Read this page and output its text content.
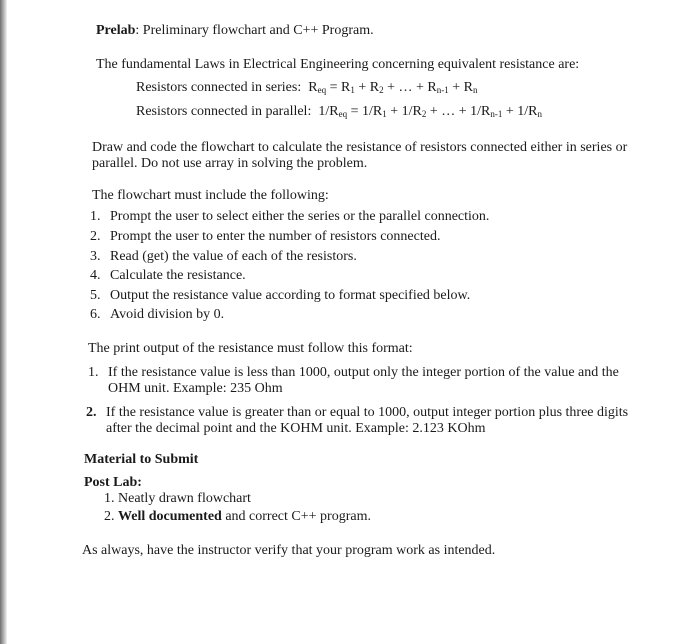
Prelab: Preliminary flowchart and C++ Program.
The fundamental Laws in Electrical Engineering concerning equivalent resistance are:
Resistors connected in series: $R_{eq} = R_1 + R_2$ + … + $R_{n-1} + R_n$
Resistors connected in parallel: $1/R_{eq} = 1/R_1 + 1/R_2$ + … + $1/R_{n-1} + 1/R_n$
Draw and code the flowchart to calculate the resistance of resistors connected either in series or
parallel. Do not use array in solving the problem.
The flowchart must include the following:
1. Prompt the user to select either the series or the parallel connection.
2. Prompt the user to enter the number of resistors connected.
3. Read (get) the value of each of the resistors.
4. Calculate the resistance.
5. Output the resistance value according to format specified below.
6. Avoid division by 0.
The print output of the resistance must follow this format:
1. If the resistance value is less than 1000, output only the integer portion of the value and the
OHM unit. Example: 235 Ohm
2. If the resistance value is greater than or equal to 1000, output integer portion plus three digits
after the decimal point and the KOHM unit. Example: 2.123 KOhm
Material to Submit
Post Lab:
1. Neatly drawn flowchart
2. Well documented and correct C++ program.
As always, have the instructor verify that your program work as intended.
